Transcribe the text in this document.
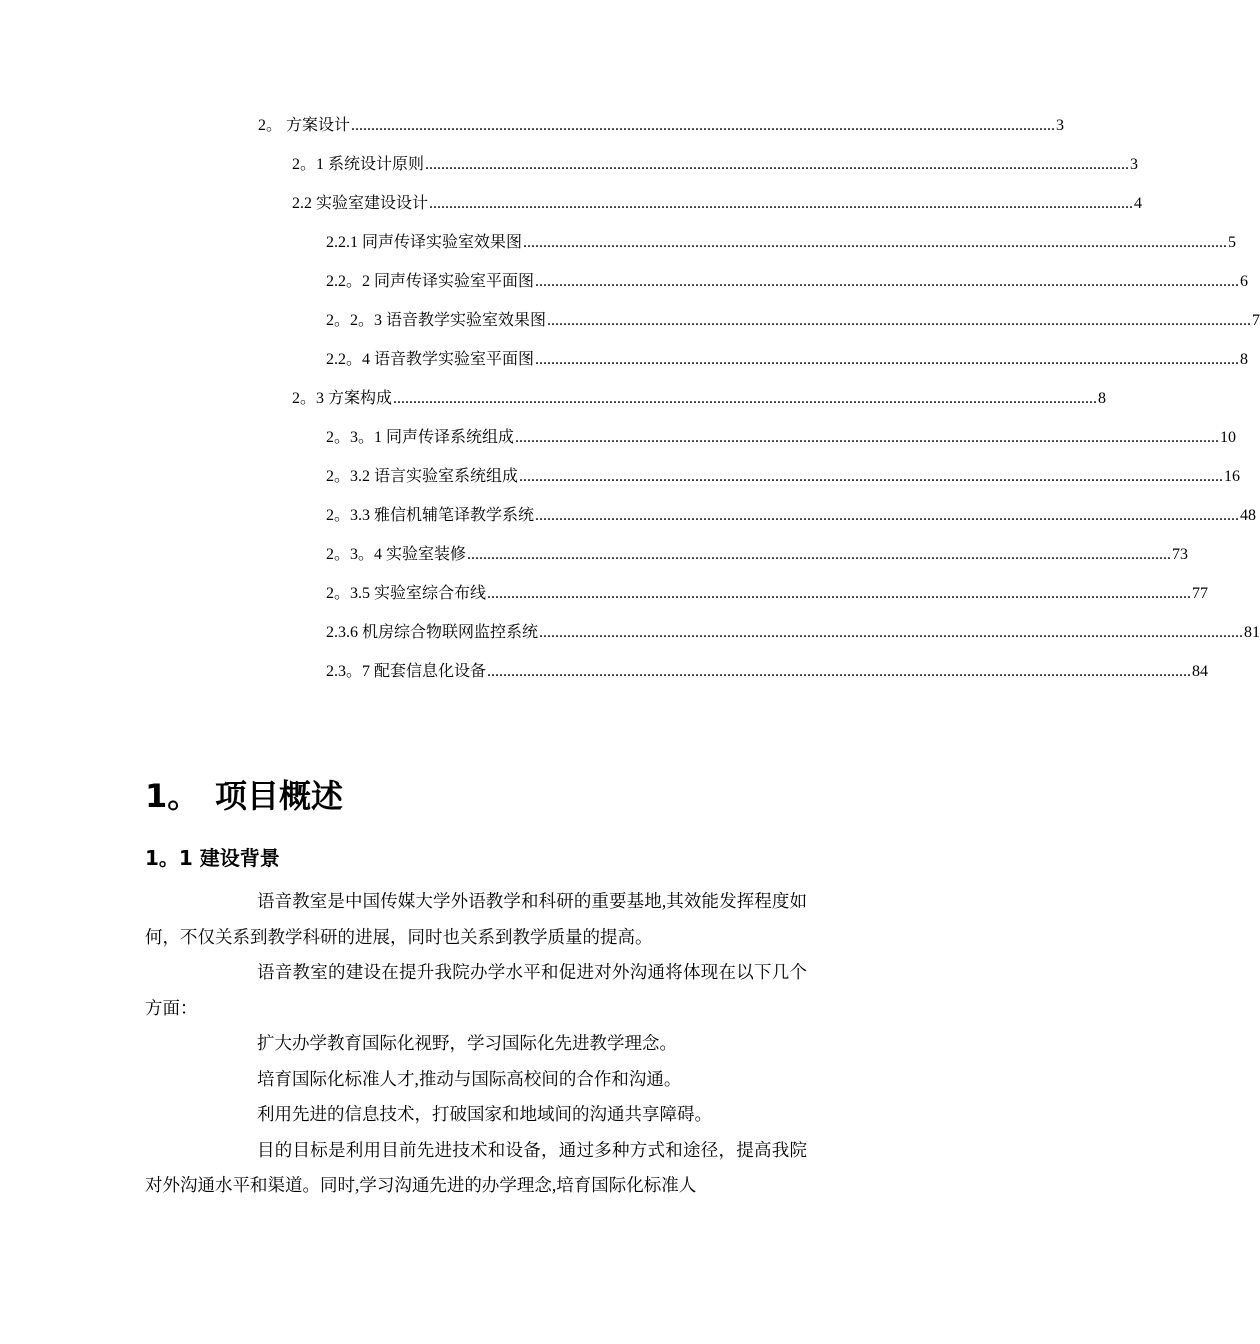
2。 方案设计 ................................................................................................................................................................................ 3
2。1 系统设计原则 ................................................................................................................................................................................ 3
2.2 实验室建设设计 ................................................................................................................................................................................ 4
2.2.1 同声传译实验室效果图 ................................................................................................................................................................................ 5
2.2。2 同声传译实验室平面图 ................................................................................................................................................................................ 6
2。2。3 语音教学实验室效果图 ................................................................................................................................................................................ 7
2.2。4 语音教学实验室平面图 ................................................................................................................................................................................ 8
2。3 方案构成 ................................................................................................................................................................................ 8
2。3。1 同声传译系统组成 ................................................................................................................................................................................ 10
2。3.2 语言实验室系统组成 ................................................................................................................................................................................ 16
2。3.3 雅信机辅笔译教学系统 ................................................................................................................................................................................ 48
2。3。4 实验室装修 ................................................................................................................................................................................ 73
2。3.5 实验室综合布线 ................................................................................................................................................................................ 77
2.3.6 机房综合物联网监控系统 ................................................................................................................................................................................ 81
2.3。7 配套信息化设备 ................................................................................................................................................................................ 84
1。 项目概述
1。1 建设背景

语音教室是中国传媒大学外语教学和科研的重要基地,其效能发挥程度如何，不仅关系到教学科研的进展，同时也关系到教学质量的提高。

语音教室的建设在提升我院办学水平和促进对外沟通将体现在以下几个方面：

扩大办学教育国际化视野，学习国际化先进教学理念。

培育国际化标准人才,推动与国际高校间的合作和沟通。

利用先进的信息技术，打破国家和地域间的沟通共享障碍。

目的目标是利用目前先进技术和设备，通过多种方式和途径，提高我院对外沟通水平和渠道。同时,学习沟通先进的办学理念,培育国际化标准人
